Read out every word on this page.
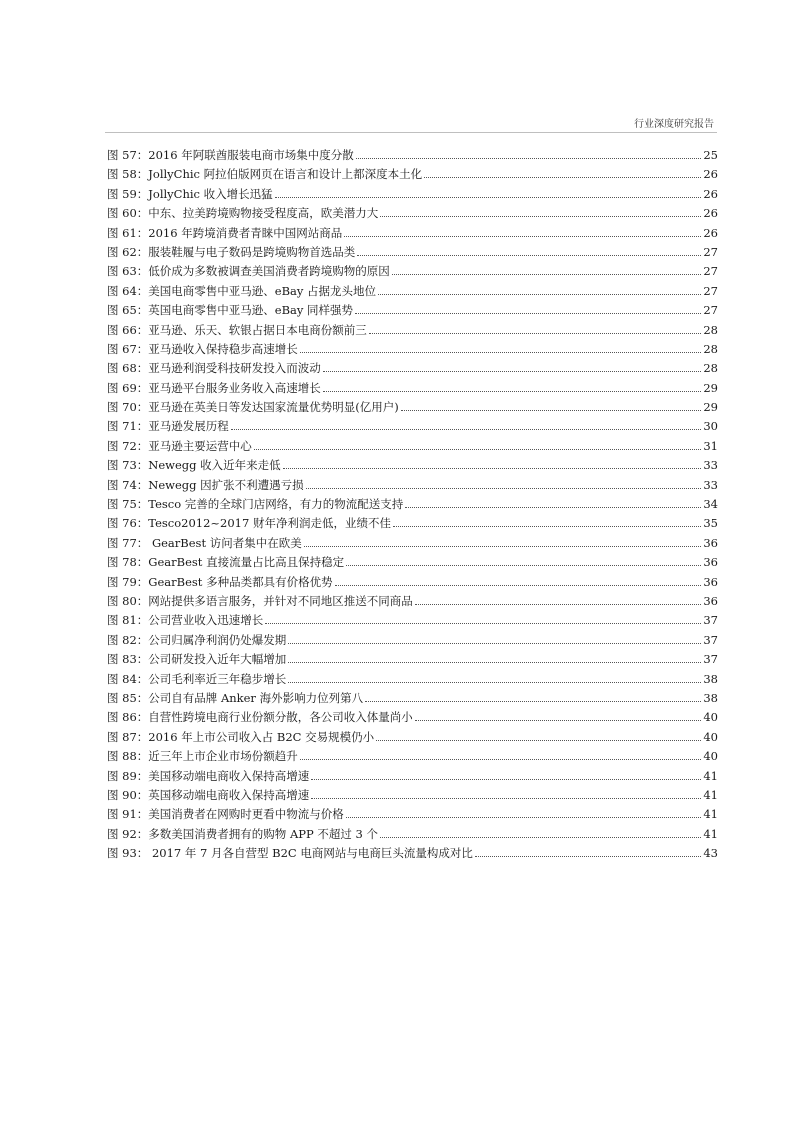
行业深度研究报告
图 57：2016 年阿联酋服装电商市场集中度分散	25
图 58：JollyChic 阿拉伯版网页在语言和设计上都深度本土化	26
图 59：JollyChic 收入增长迅猛	26
图 60：中东、拉美跨境购物接受程度高，欧美潜力大	26
图 61：2016 年跨境消费者青睐中国网站商品	26
图 62：服装鞋履与电子数码是跨境购物首选品类	27
图 63：低价成为多数被调查美国消费者跨境购物的原因	27
图 64：美国电商零售中亚马逊、eBay 占据龙头地位	27
图 65：英国电商零售中亚马逊、eBay 同样强势	27
图 66：亚马逊、乐天、软银占据日本电商份额前三	28
图 67：亚马逊收入保持稳步高速增长	28
图 68：亚马逊利润受科技研发投入而波动	28
图 69：亚马逊平台服务业务收入高速增长	29
图 70：亚马逊在英美日等发达国家流量优势明显(亿用户)	29
图 71：亚马逊发展历程	30
图 72：亚马逊主要运营中心	31
图 73：Newegg 收入近年来走低	33
图 74：Newegg 因扩张不利遭遇亏损	33
图 75：Tesco 完善的全球门店网络，有力的物流配送支持	34
图 76：Tesco2012~2017 财年净利润走低，业绩不佳	35
图 77： GearBest 访问者集中在欧美	36
图 78：GearBest 直接流量占比高且保持稳定	36
图 79：GearBest 多种品类都具有价格优势	36
图 80：网站提供多语言服务，并针对不同地区推送不同商品	36
图 81：公司营业收入迅速增长	37
图 82：公司归属净利润仍处爆发期	37
图 83：公司研发投入近年大幅增加	37
图 84：公司毛利率近三年稳步增长	38
图 85：公司自有品牌 Anker 海外影响力位列第八	38
图 86：自营性跨境电商行业份额分散，各公司收入体量尚小	40
图 87：2016 年上市公司收入占 B2C 交易规模仍小	40
图 88：近三年上市企业市场份额趋升	40
图 89：美国移动端电商收入保持高增速	41
图 90：英国移动端电商收入保持高增速	41
图 91：美国消费者在网购时更看中物流与价格	41
图 92：多数美国消费者拥有的购物 APP 不超过 3 个	41
图 93： 2017 年 7 月各自营型 B2C 电商网站与电商巨头流量构成对比	43
